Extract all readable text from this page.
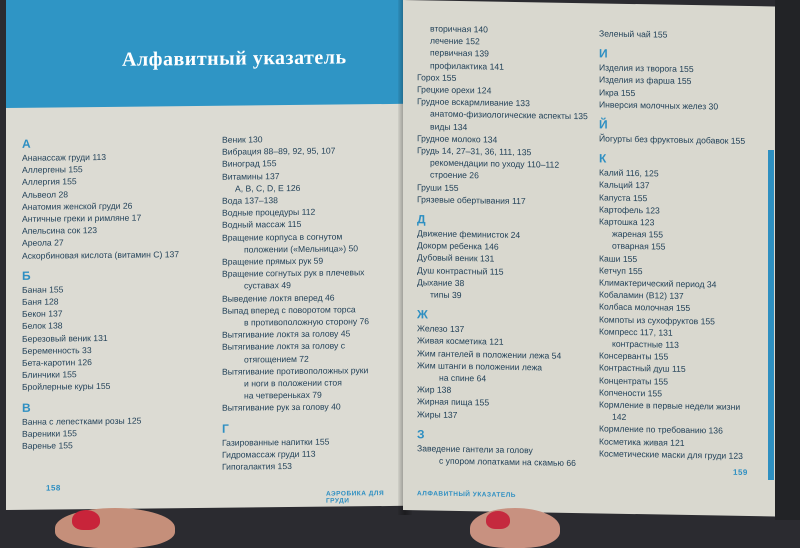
Алфавитный указатель
А
Ананассаж груди 113
Аллергены 155
Аллергия 155
Альвеол 28
Анатомия женской груди 26
Античные греки и римляне 17
Апельсина сок 123
Ареола 27
Аскорбиновая кислота (витамин С) 137
Б
Банан 155
Баня 128
Бекон 137
Белок 138
Березовый веник 131
Беременность 33
Бета-каротин 126
Блинчики 155
Бройлерные куры 155
В
Ванна с лепестками розы 125
Вареники 155
Варенье 155
Веник 130
Вибрация 88–89, 92, 95, 107
Виноград 155
Витамины 137
A, B, C, D, E 126
Вода 137–138
Водные процедуры 112
Водный массаж 115
Вращение корпуса в согнутом
положении («Мельница») 50
Вращение прямых рук 59
Вращение согнутых рук в плечевых
суставах 49
Выведение локтя вперед 46
Выпад вперед с поворотом торса
в противоположную сторону 76
Вытягивание локтя за голову 45
Вытягивание локтя за голову с
отягощением 72
Вытягивание противоположных руки
и ноги в положении стоя
на четвереньках 79
Вытягивание рук за голову 40
Г
Газированные напитки 155
Гидромассаж груди 113
Гипогалактия 153
158
АЭРОБИКА ДЛЯ ГРУДИ
вторичная 140
лечение 152
первичная 139
профилактика 141
Горох 155
Грецкие орехи 124
Грудное вскармливание 133
анатомо-физиологические аспекты 135
виды 134
Грудное молоко 134
Грудь 14, 27–31, 36, 111, 135
рекомендации по уходу 110–112
строение 26
Груши 155
Грязевые обертывания 117
Д
Движение феминисток 24
Докорм ребенка 146
Дубовый веник 131
Душ контрастный 115
Дыхание 38
типы 39
Ж
Железо 137
Живая косметика 121
Жим гантелей в положении лежа 54
Жим штанги в положении лежа
на спине 64
Жир 138
Жирная пища 155
Жиры 137
З
Заведение гантели за голову
с упором лопатками на скамью 66
Зеленый чай 155
И
Изделия из творога 155
Изделия из фарша 155
Икра 155
Инверсия молочных желез 30
Й
Йогурты без фруктовых добавок 155
К
Калий 116, 125
Кальций 137
Капуста 155
Картофель 123
Картошка 123
жареная 155
отварная 155
Каши 155
Кетчуп 155
Климактерический период 34
Кобаламин (B12) 137
Колбаса молочная 155
Компоты из сухофруктов 155
Компресс 117, 131
контрастные 113
Консерванты 155
Контрастный душ 115
Концентраты 155
Копчености 155
Кормление в первые недели жизни
142
Кормление по требованию 136
Косметика живая 121
Косметические маски для груди 123
АЛФАВИТНЫЙ УКАЗАТЕЛЬ
159
